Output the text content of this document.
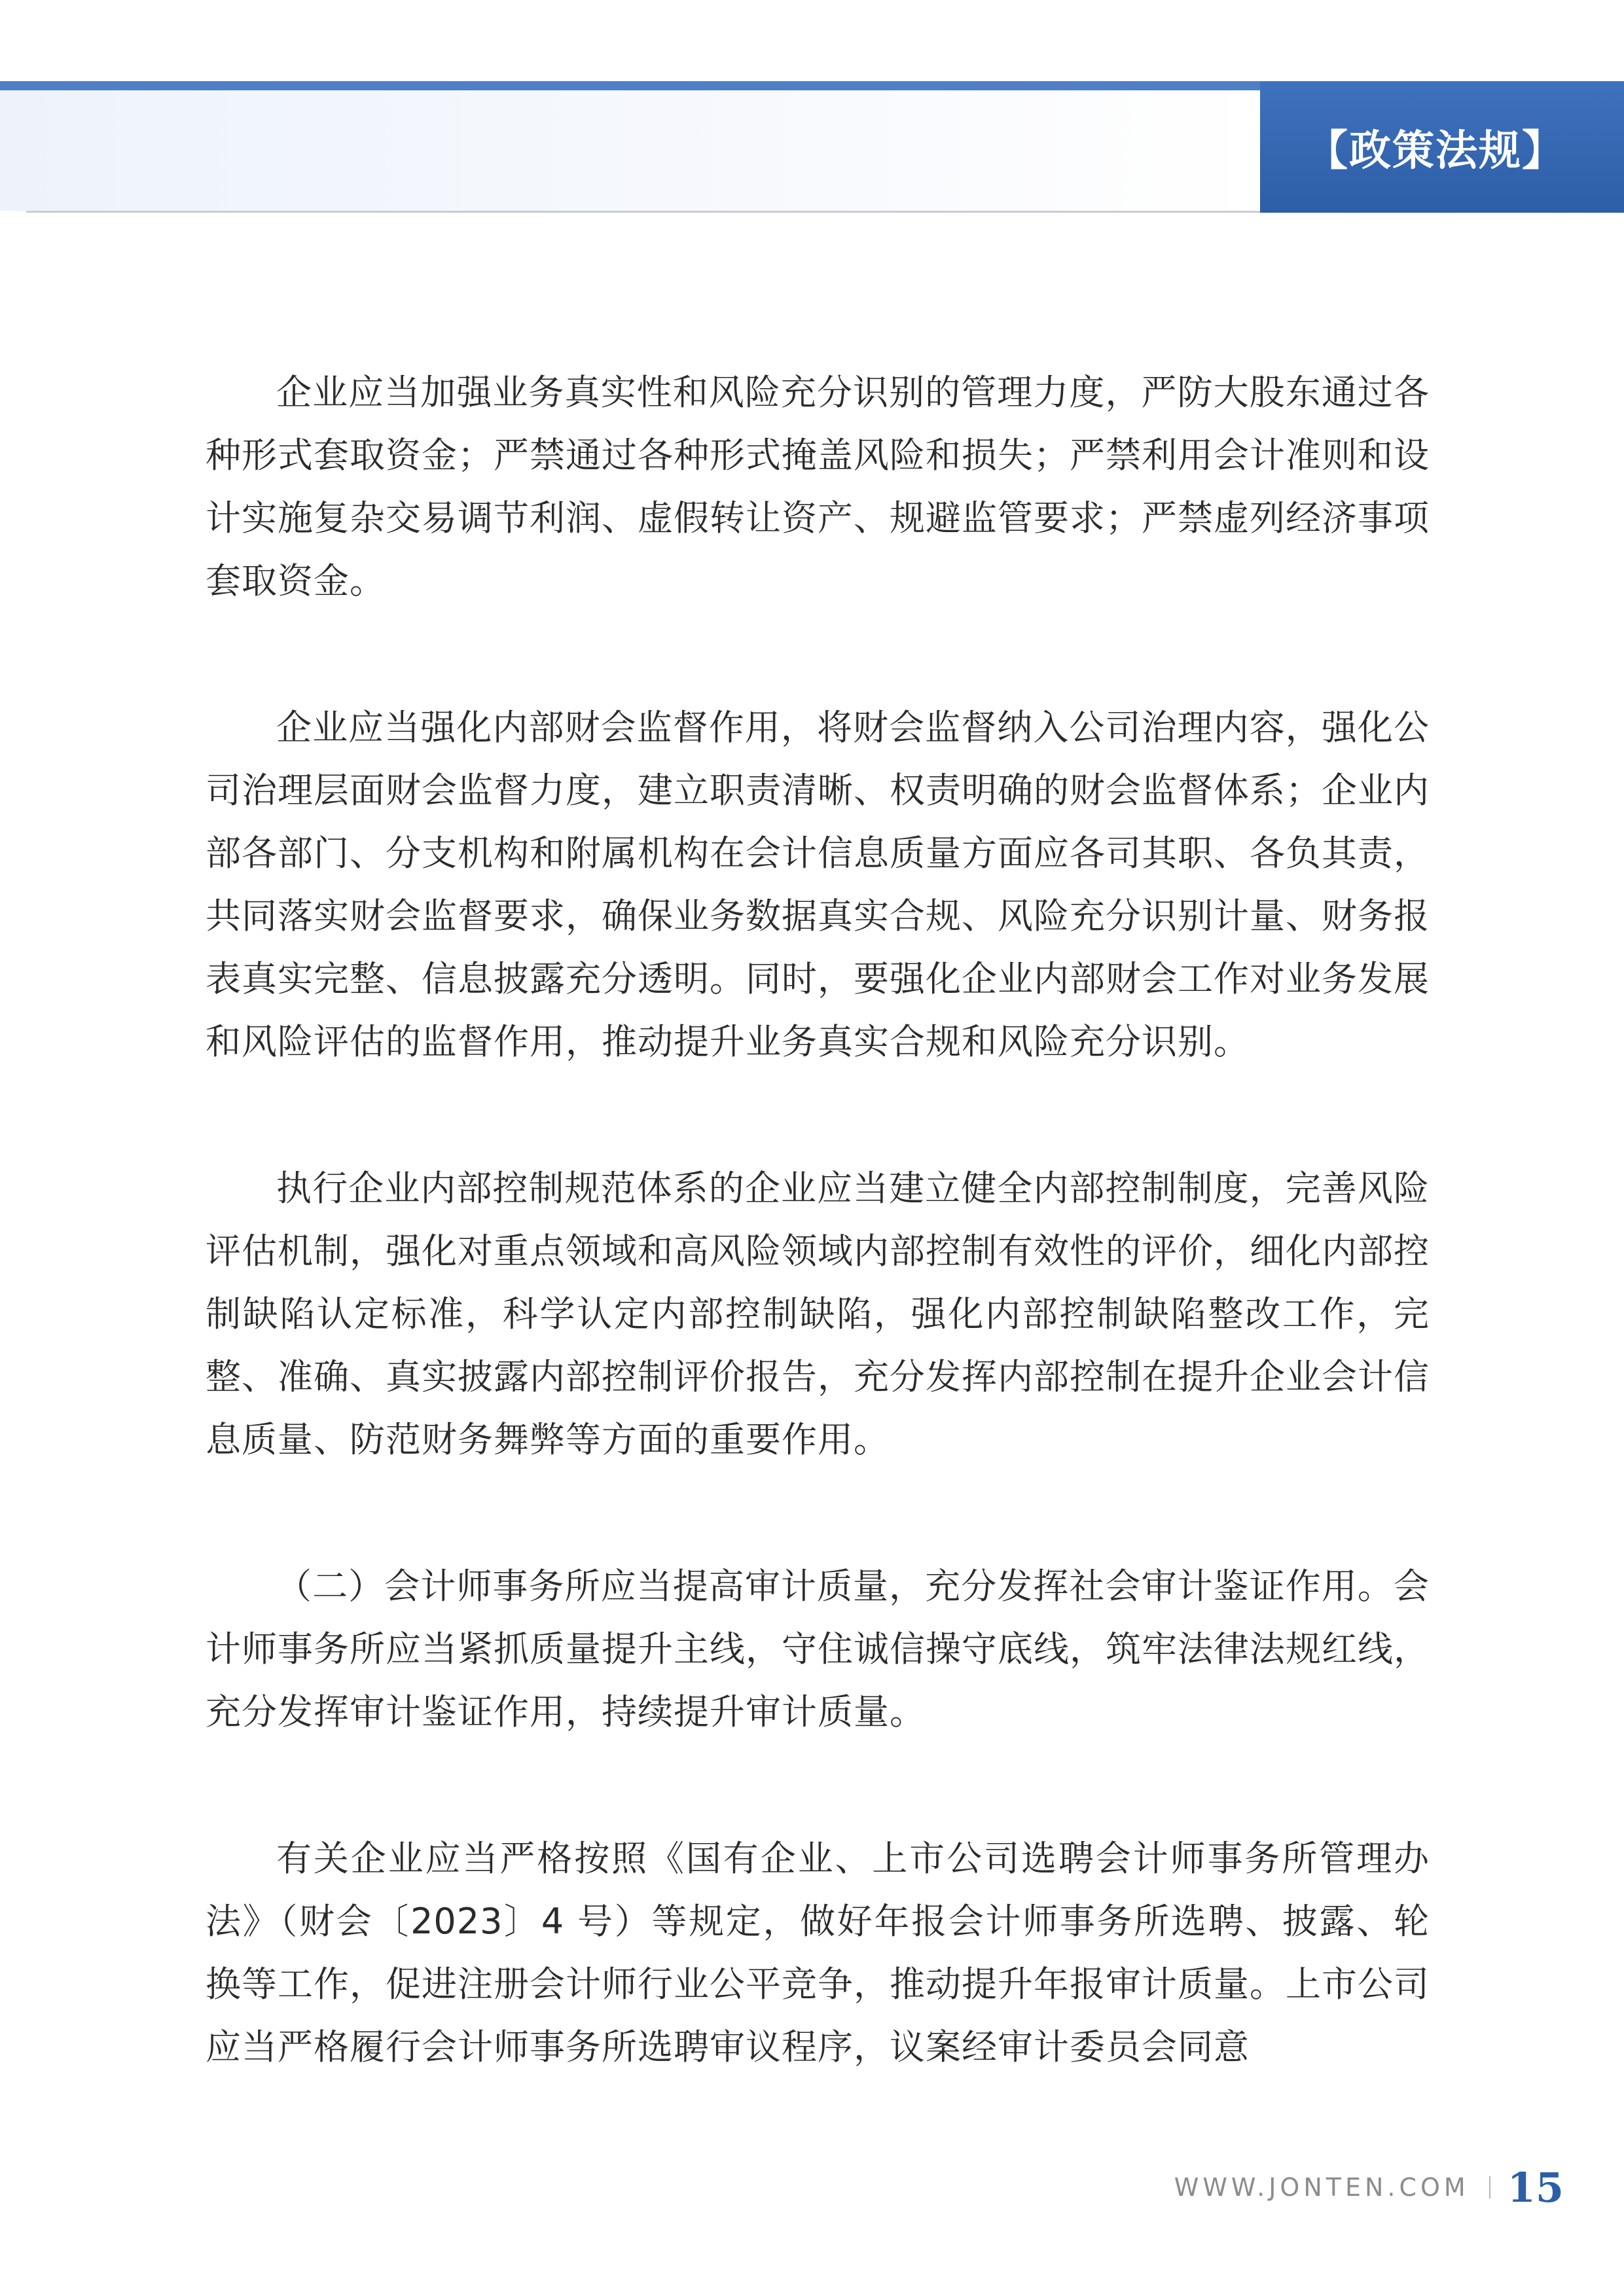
【政策法规】

企业应当加强业务真实性和风险充分识别的管理力度，严防大股东通过各种形式套取资金；严禁通过各种形式掩盖风险和损失；严禁利用会计准则和设计实施复杂交易调节利润、虚假转让资产、规避监管要求；严禁虚列经济事项套取资金。

企业应当强化内部财会监督作用，将财会监督纳入公司治理内容，强化公司治理层面财会监督力度，建立职责清晰、权责明确的财会监督体系；企业内部各部门、分支机构和附属机构在会计信息质量方面应各司其职、各负其责，共同落实财会监督要求，确保业务数据真实合规、风险充分识别计量、财务报表真实完整、信息披露充分透明。同时，要强化企业内部财会工作对业务发展和风险评估的监督作用，推动提升业务真实合规和风险充分识别。

执行企业内部控制规范体系的企业应当建立健全内部控制制度，完善风险评估机制，强化对重点领域和高风险领域内部控制有效性的评价，细化内部控制缺陷认定标准，科学认定内部控制缺陷，强化内部控制缺陷整改工作，完整、准确、真实披露内部控制评价报告，充分发挥内部控制在提升企业会计信息质量、防范财务舞弊等方面的重要作用。

（二）会计师事务所应当提高审计质量，充分发挥社会审计鉴证作用。会计师事务所应当紧抓质量提升主线，守住诚信操守底线，筑牢法律法规红线，充分发挥审计鉴证作用，持续提升审计质量。

有关企业应当严格按照《国有企业、上市公司选聘会计师事务所管理办法》（财会〔2023〕4 号）等规定，做好年报会计师事务所选聘、披露、轮换等工作，促进注册会计师行业公平竞争，推动提升年报审计质量。上市公司应当严格履行会计师事务所选聘审议程序，议案经审计委员会同意

WWW.JONTEN.COM 15
